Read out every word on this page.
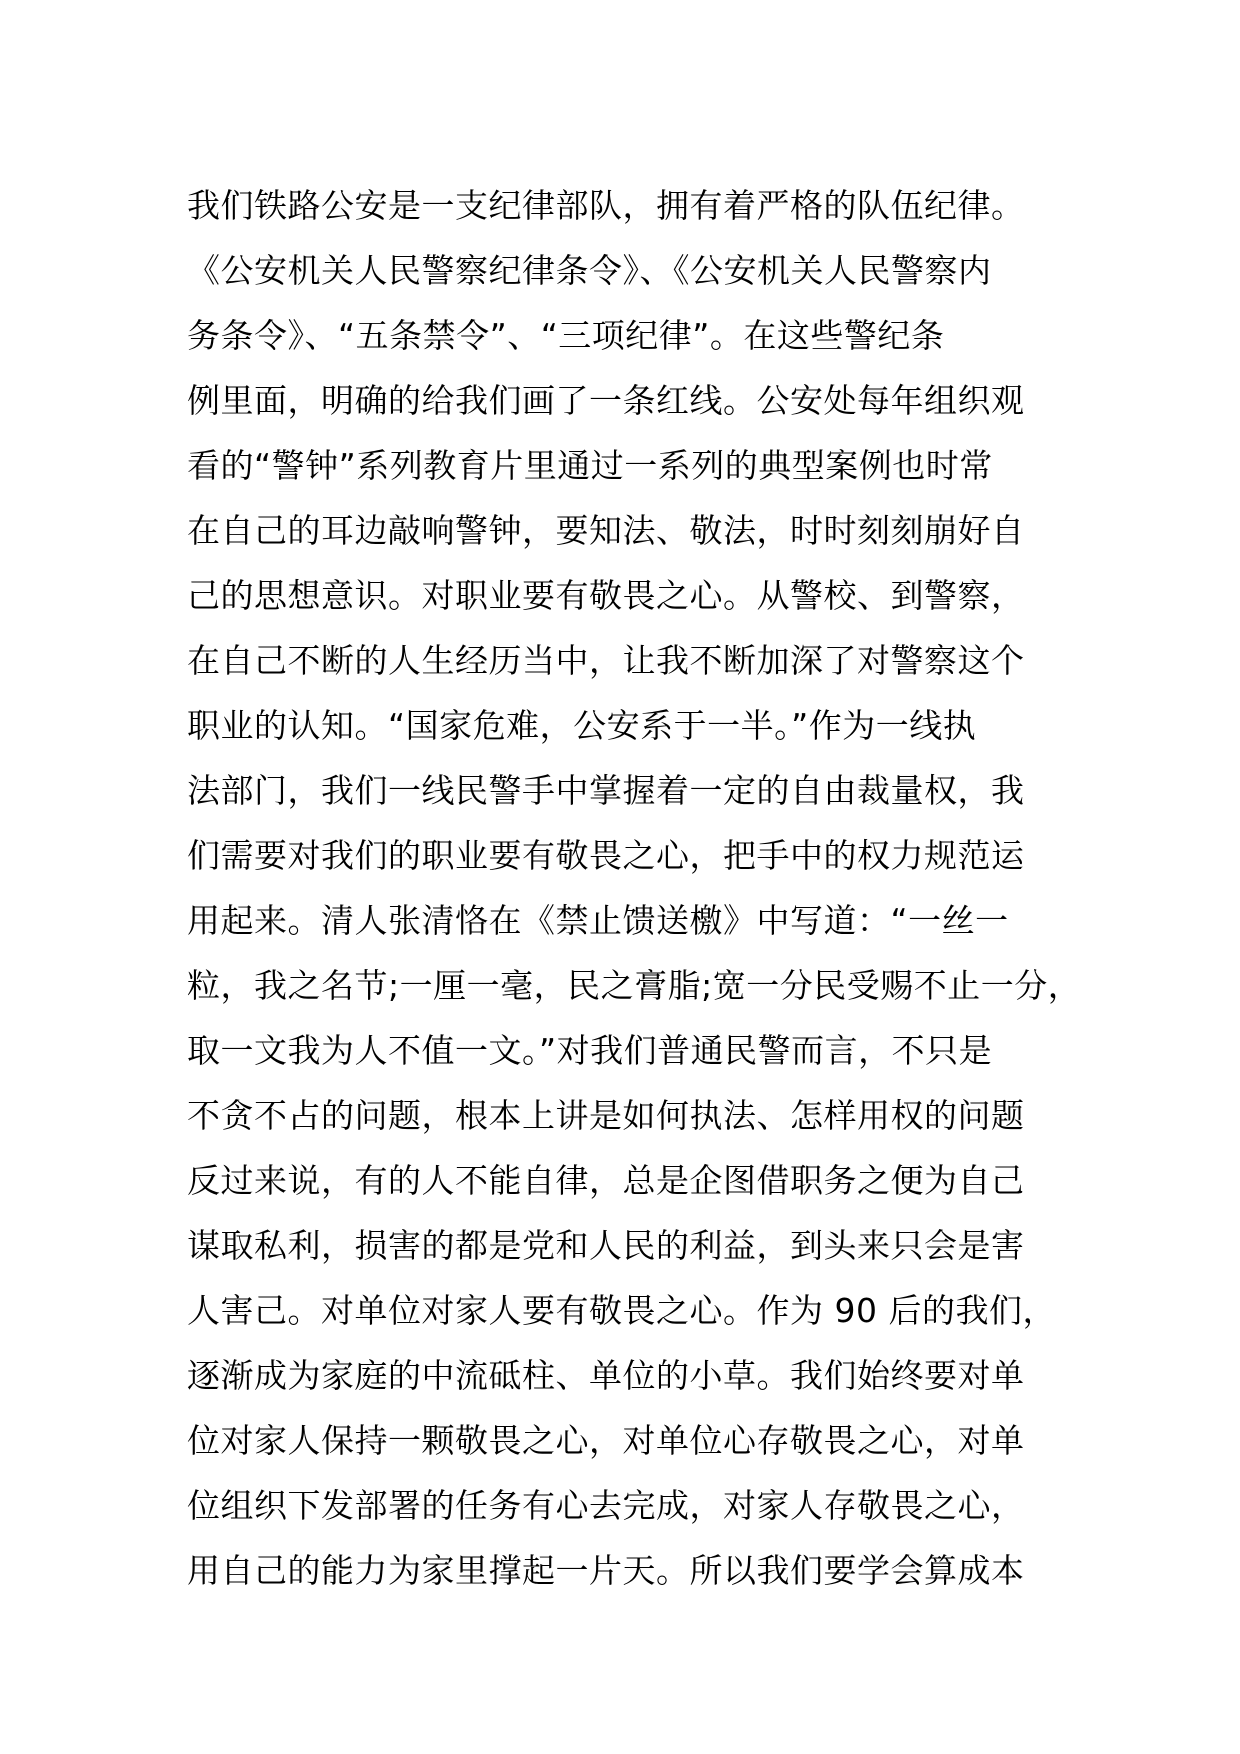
我们铁路公安是一支纪律部队，拥有着严格的队伍纪律。
《公安机关人民警察纪律条令》、《公安机关人民警察内
务条令》、“五条禁令”、“三项纪律”。在这些警纪条
例里面，明确的给我们画了一条红线。公安处每年组织观
看的“警钟”系列教育片里通过一系列的典型案例也时常
在自己的耳边敲响警钟，要知法、敬法，时时刻刻崩好自
己的思想意识。对职业要有敬畏之心。从警校、到警察，
在自己不断的人生经历当中，让我不断加深了对警察这个
职业的认知。“国家危难，公安系于一半。”作为一线执
法部门，我们一线民警手中掌握着一定的自由裁量权，我
们需要对我们的职业要有敬畏之心，把手中的权力规范运
用起来。清人张清恪在《禁止馈送檄》中写道：“一丝一
粒，我之名节;一厘一毫，民之膏脂;宽一分民受赐不止一分，
取一文我为人不值一文。”对我们普通民警而言，不只是
不贪不占的问题，根本上讲是如何执法、怎样用权的问题
反过来说，有的人不能自律，总是企图借职务之便为自己
谋取私利，损害的都是党和人民的利益，到头来只会是害
人害己。对单位对家人要有敬畏之心。作为 90 后的我们，
逐渐成为家庭的中流砥柱、单位的小草。我们始终要对单
位对家人保持一颗敬畏之心，对单位心存敬畏之心，对单
位组织下发部署的任务有心去完成，对家人存敬畏之心，
用自己的能力为家里撑起一片天。所以我们要学会算成本
